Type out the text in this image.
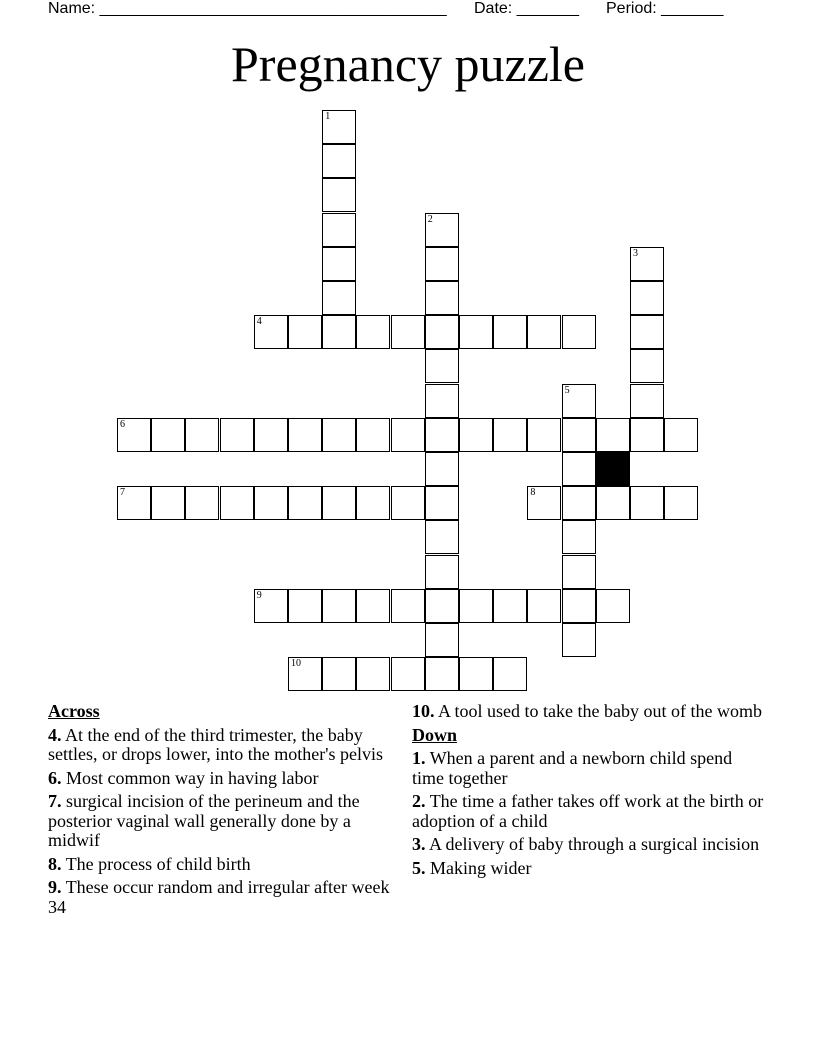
Name: _______________________________________ Date: _______ Period: _______
Pregnancy puzzle
1
2
3
4
5
6
7	8
9
10
Across
4. At the end of the third trimester, the baby settles, or drops lower, into the mother's pelvis
6. Most common way in having labor
7. surgical incision of the perineum and the posterior vaginal wall generally done by a midwif
8. The process of child birth
9. These occur random and irregular after week 34
10. A tool used to take the baby out of the womb
Down
1. When a parent and a newborn child spend time together
2. The time a father takes off work at the birth or adoption of a child
3. A delivery of baby through a surgical incision
5. Making wider
